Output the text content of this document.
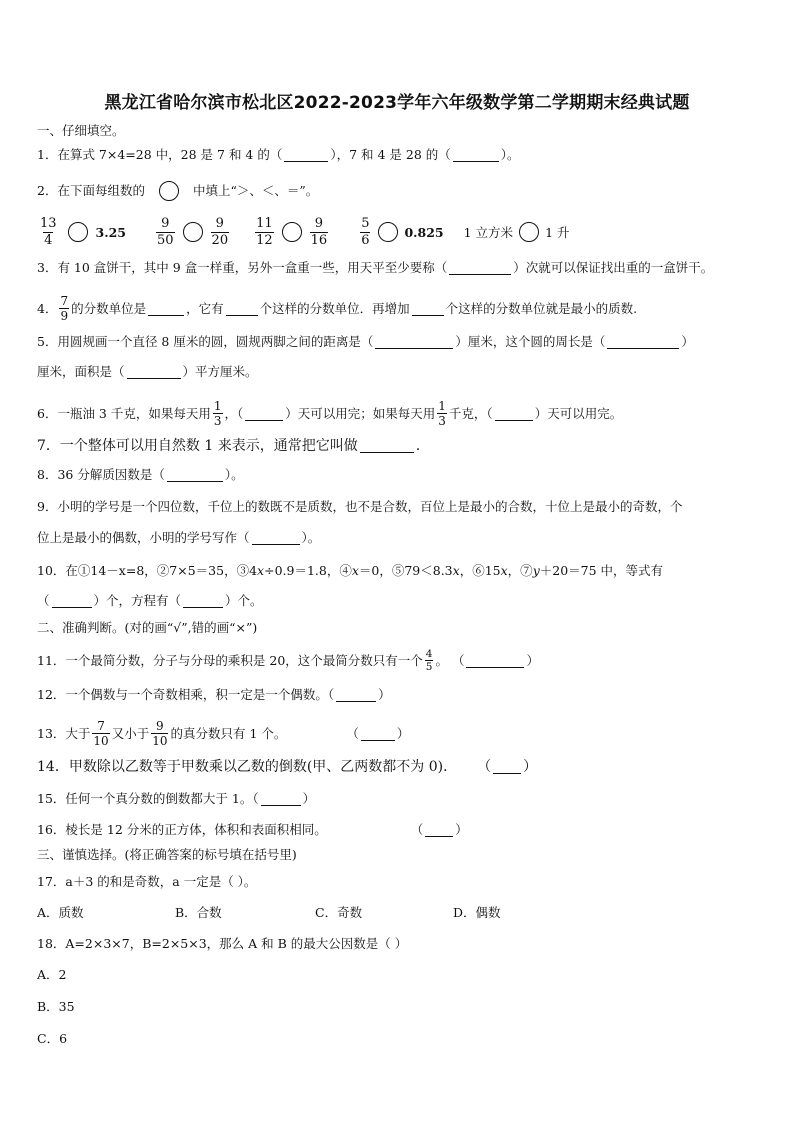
黑龙江省哈尔滨市松北区2022-2023学年六年级数学第二学期期末经典试题
一、仔细填空。
1．在算式 7×4=28 中，28 是 7 和 4 的（	），7 和 4 是 28 的（	）。
2．在下面每组数的	中填上“＞、＜、＝”。
$\frac{13}{4}$	$3.25 \frac{9}{50}$	$\frac{9}{20} \frac{11}{12}$	$\frac{9}{16} \frac{5}{6}$	0.825 1 立方米	1 升
3．有 10 盒饼干，其中 9 盒一样重，另外一盒重一些，用天平至少要称（	）次就可以保证找出重的一盒饼干。
4． $\frac{7}{9}$ 的分数单位是	，它有	个这样的分数单位．再增加	个这样的分数单位就是最小的质数.
5．用圆规画一个直径 8 厘米的圆，圆规两脚之间的距离是（	）厘米，这个圆的周长是（	）
厘米，面积是（	）平方厘米。
6．一瓶油 3 千克，如果每天用 $\frac{1}{3}$ ，（	）天可以用完；如果每天用 $\frac{1}{3}$ 千克，（	）天可以用完。
7．一个整体可以用自然数 1 来表示，通常把它叫做	.
8．36 分解质因数是（	）。
9．小明的学号是一个四位数，千位上的数既不是质数，也不是合数，百位上是最小的合数，十位上是最小的奇数，个
位上是最小的偶数，小明的学号写作（	）。
10．在①14－x=8，②7×5＝35，③4 x ÷0.9＝1.8，④ x ＝0，⑤79＜8.3 x ，⑥15 x ，⑦ y ＋20＝75 中，等式有
（	）个，方程有（	）个。
二、准确判断。(对的画“√”,错的画“×”)
11．一个最简分数，分子与分母的乘积是 20，这个最简分数只有一个 $\frac{4}{5}$ 。 （	）
12．一个偶数与一个奇数相乘，积一定是一个偶数。（	）
13．大于 $\frac{7}{10}$ 又小于 $\frac{9}{10}$ 的真分数只有 1 个。	（	）
14．甲数除以乙数等于甲数乘以乙数的倒数(甲、乙两数都不为 0)． （ ）
15．任何一个真分数的倒数都大于 1。（	）
16．棱长是 12 分米的正方体，体积和表面积相同。	（	）
三、谨慎选择。(将正确答案的标号填在括号里)
17．a＋3 的和是奇数，a 一定是（ ）。
A．质数	B．合数	C．奇数	D．偶数
18．A=2×3×7，B=2×5×3，那么 A 和 B 的最大公因数是（ ）
A．2
B．35
C．6
